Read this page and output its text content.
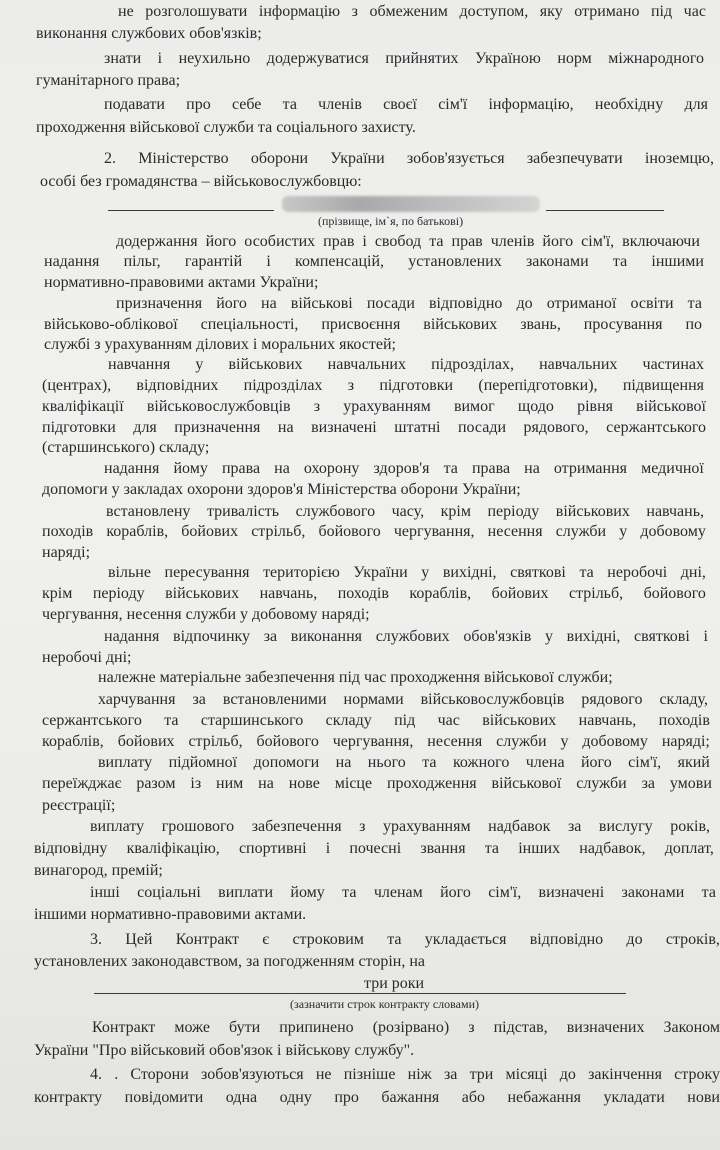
не розголошувати інформацію з обмеженим доступом, яку отримано під час
виконання службових обов'язків;
знати і неухильно додержуватися прийнятих Україною норм міжнародного
гуманітарного права;
подавати про себе та членів своєї сім'ї інформацію, необхідну для
проходження військової служби та соціального захисту.
2. Міністерство оборони України зобов'язується забезпечувати іноземцю,
особі без громадянства – військовослужбовцю:
(прізвище, ім`я, по батькові)
додержання його особистих прав і свобод та прав членів його сім'ї, включаючи
надання пільг, гарантій і компенсацій, установлених законами та іншими
нормативно-правовими актами України;
призначення його на військові посади відповідно до отриманої освіти та
військово-облікової спеціальності, присвоєння військових звань, просування по
службі з урахуванням ділових і моральних якостей;
навчання у військових навчальних підрозділах, навчальних частинах
(центрах), відповідних підрозділах з підготовки (перепідготовки), підвищення
кваліфікації військовослужбовців з урахуванням вимог щодо рівня військової
підготовки для призначення на визначені штатні посади рядового, сержантського
(старшинського) складу;
надання йому права на охорону здоров'я та права на отримання медичної
допомоги у закладах охорони здоров'я Міністерства оборони України;
встановлену тривалість службового часу, крім періоду військових навчань,
походів кораблів, бойових стрільб, бойового чергування, несення служби у добовому
наряді;
вільне пересування територією України у вихідні, святкові та неробочі дні,
крім періоду військових навчань, походів кораблів, бойових стрільб, бойового
чергування, несення служби у добовому наряді;
надання відпочинку за виконання службових обов'язків у вихідні, святкові і
неробочі дні;
належне матеріальне забезпечення під час проходження військової служби;
харчування за встановленими нормами військовослужбовців рядового складу,
сержантського та старшинського складу під час військових навчань, походів
кораблів, бойових стрільб, бойового чергування, несення служби у добовому наряді;
виплату підйомної допомоги на нього та кожного члена його сім'ї, який
переїжджає разом із ним на нове місце проходження військової служби за умови
реєстрації;
виплату грошового забезпечення з урахуванням надбавок за вислугу років,
відповідну кваліфікацію, спортивні і почесні звання та інших надбавок, доплат,
винагород, премій;
інші соціальні виплати йому та членам його сім'ї, визначені законами та
іншими нормативно-правовими актами.
3. Цей Контракт є строковим та укладається відповідно до строків,
установлених законодавством, за погодженням сторін, на
три роки
(зазначити строк контракту словами)
Контракт може бути припинено (розірвано) з підстав, визначених Законом
України "Про військовий обов'язок і військову службу".
4. . Сторони зобов'язуються не пізніше ніж за три місяці до закінчення строку
контракту повідомити одна одну про бажання або небажання укладати нови
